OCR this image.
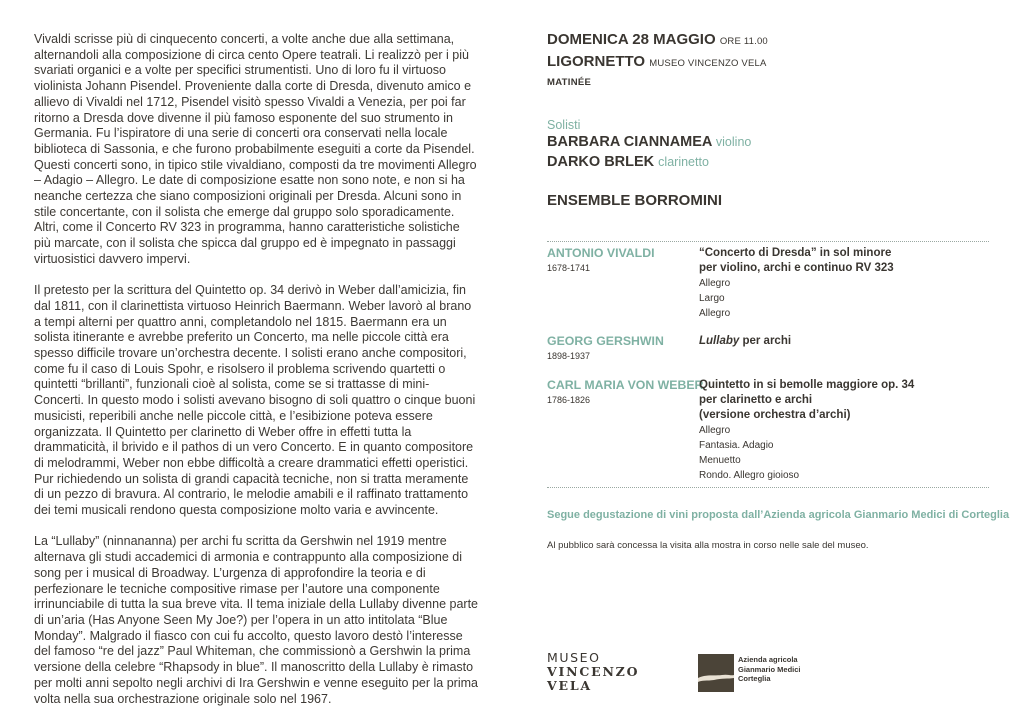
Vivaldi scrisse più di cinquecento concerti, a volte anche due alla settimana, alternandoli alla composizione di circa cento Opere teatrali. Li realizzò per i più svariati organici e a volte per specifici strumentisti. Uno di loro fu il virtuoso violinista Johann Pisendel. Proveniente dalla corte di Dresda, divenuto amico e allievo di Vivaldi nel 1712, Pisendel visitò spesso Vivaldi a Venezia, per poi far ritorno a Dresda dove divenne il più famoso esponente del suo strumento in Germania. Fu l’ispiratore di una serie di concerti ora conservati nella locale biblioteca di Sassonia, e che furono probabilmente eseguiti a corte da Pisendel. Questi concerti sono, in tipico stile vivaldiano, composti da tre movimenti Allegro – Adagio – Allegro. Le date di composizione esatte non sono note, e non si ha neanche certezza che siano composizioni originali per Dresda. Alcuni sono in stile concertante, con il solista che emerge dal gruppo solo sporadicamente. Altri, come il Concerto RV 323 in programma, hanno caratteristiche solistiche più marcate, con il solista che spicca dal gruppo ed è impegnato in passaggi virtuosistici davvero impervi.

Il pretesto per la scrittura del Quintetto op. 34 derivò in Weber dall’amicizia, fin dal 1811, con il clarinettista virtuoso Heinrich Baermann. Weber lavorò al brano a tempi alterni per quattro anni, completandolo nel 1815. Baermann era un solista itinerante e avrebbe preferito un Concerto, ma nelle piccole città era spesso difficile trovare un’orchestra decente. I solisti erano anche compositori, come fu il caso di Louis Spohr, e risolsero il problema scrivendo quartetti o quintetti “brillanti”, funzionali cioè al solista, come se si trattasse di mini-Concerti. In questo modo i solisti avevano bisogno di soli quattro o cinque buoni musicisti, reperibili anche nelle piccole città, e l’esibizione poteva essere organizzata. Il Quintetto per clarinetto di Weber offre in effetti tutta la drammaticità, il brivido e il pathos di un vero Concerto. E in quanto compositore di melodrammi, Weber non ebbe difficoltà a creare drammatici effetti operistici. Pur richiedendo un solista di grandi capacità tecniche, non si tratta meramente di un pezzo di bravura. Al contrario, le melodie amabili e il raffinato trattamento dei temi musicali rendono questa composizione molto varia e avvincente.

La “Lullaby” (ninnananna) per archi fu scritta da Gershwin nel 1919 mentre alternava gli studi accademici di armonia e contrappunto alla composizione di song per i musical di Broadway. L’urgenza di approfondire la teoria e di perfezionare le tecniche compositive rimase per l’autore una componente irrinunciabile di tutta la sua breve vita. Il tema iniziale della Lullaby divenne parte di un’aria (Has Anyone Seen My Joe?) per l’opera in un atto intitolata “Blue Monday”. Malgrado il fiasco con cui fu accolto, questo lavoro destò l’interesse del famoso “re del jazz” Paul Whiteman, che commissionò a Gershwin la prima versione della celebre “Rhapsody in blue”. Il manoscritto della Lullaby è rimasto per molti anni sepolto negli archivi di Ira Gershwin e venne eseguito per la prima volta nella sua orchestrazione originale solo nel 1967.

DOMENICA 28 MAGGIO ORE 11.00
LIGORNETTO MUSEO VINCENZO VELA
MATINÉE
Solisti
BARBARA CIANNAMEA violino
DARKO BRLEK clarinetto
ENSEMBLE BORROMINI
ANTONIO VIVALDI
1678-1741
“Concerto di Dresda” in sol minore
per violino, archi e continuo RV 323
Allegro
Largo
Allegro
GEORG GERSHWIN
1898-1937
Lullaby per archi
CARL MARIA VON WEBER
1786-1826
Quintetto in si bemolle maggiore op. 34
per clarinetto e archi
(versione orchestra d’archi)
Allegro
Fantasia. Adagio
Menuetto
Rondo. Allegro gioioso
Segue degustazione di vini proposta dall’Azienda agricola Gianmario Medici di Corteglia
Al pubblico sarà concessa la visita alla mostra in corso nelle sale del museo.
MUSEO
VINCENZO
VELA
Azienda agricola
Gianmario Medici
Corteglia
